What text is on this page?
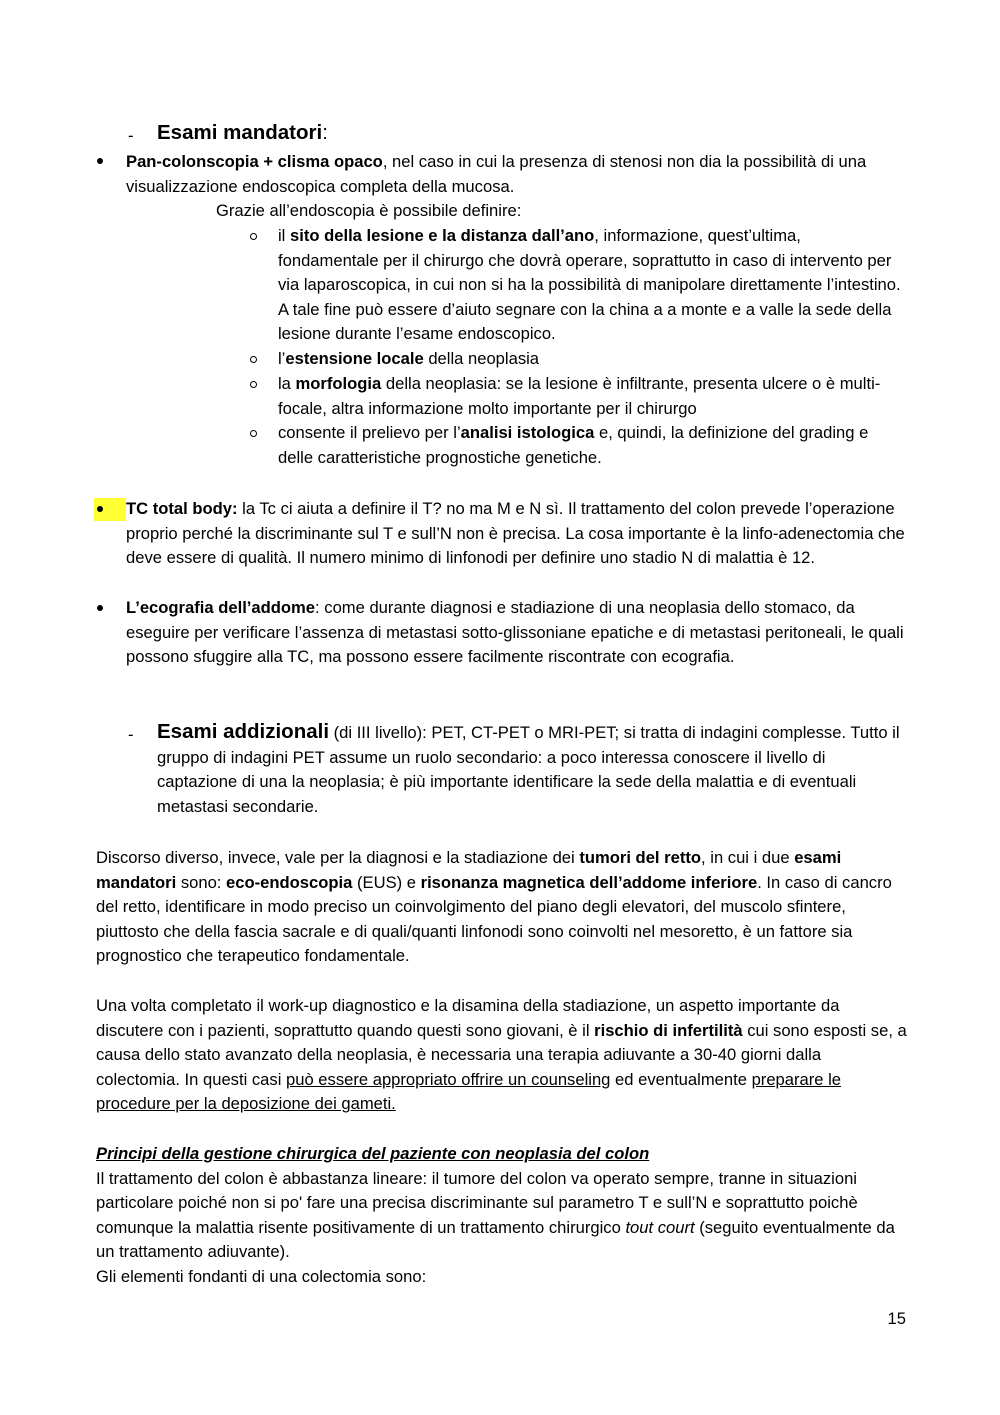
- Esami mandatori:

Pan-colonscopia + clisma opaco, nel caso in cui la presenza di stenosi non dia la possibilità di una visualizzazione endoscopica completa della mucosa.

Grazie all’endoscopia è possibile definire:

il sito della lesione e la distanza dall’ano, informazione, quest’ultima, fondamentale per il chirurgo che dovrà operare, soprattutto in caso di intervento per via laparoscopica, in cui non si ha la possibilità di manipolare direttamente l’intestino. A tale fine può essere d’aiuto segnare con la china a a monte e a valle la sede della lesione durante l’esame endoscopico.

l’estensione locale della neoplasia

la morfologia della neoplasia: se la lesione è infiltrante, presenta ulcere o è multi-focale, altra informazione molto importante per il chirurgo

consente il prelievo per l’analisi istologica e, quindi, la definizione del grading e delle caratteristiche prognostiche genetiche.

TC total body: la Tc ci aiuta a definire il T? no ma M e N sì. Il trattamento del colon prevede l’operazione proprio perché la discriminante sul T e sull’N non è precisa. La cosa importante è la linfo-adenectomia che deve essere di qualità. Il numero minimo di linfonodi per definire uno stadio N di malattia è 12.

L’ecografia dell’addome: come durante diagnosi e stadiazione di una neoplasia dello stomaco, da eseguire per verificare l’assenza di metastasi sotto-glissoniane epatiche e di metastasi peritoneali, le quali possono sfuggire alla TC, ma possono essere facilmente riscontrate con ecografia.

- Esami addizionali (di III livello): PET, CT-PET o MRI-PET; si tratta di indagini complesse. Tutto il gruppo di indagini PET assume un ruolo secondario: a poco interessa conoscere il livello di captazione di una la neoplasia; è più importante identificare la sede della malattia e di eventuali metastasi secondarie.

Discorso diverso, invece, vale per la diagnosi e la stadiazione dei tumori del retto, in cui i due esami mandatori sono: eco-endoscopia (EUS) e risonanza magnetica dell’addome inferiore. In caso di cancro del retto, identificare in modo preciso un coinvolgimento del piano degli elevatori, del muscolo sfintere, piuttosto che della fascia sacrale e di quali/quanti linfonodi sono coinvolti nel mesoretto, è un fattore sia prognostico che terapeutico fondamentale.

Una volta completato il work-up diagnostico e la disamina della stadiazione, un aspetto importante da discutere con i pazienti, soprattutto quando questi sono giovani, è il rischio di infertilità cui sono esposti se, a causa dello stato avanzato della neoplasia, è necessaria una terapia adiuvante a 30-40 giorni dalla colectomia. In questi casi può essere appropriato offrire un counseling ed eventualmente preparare le procedure per la deposizione dei gameti.

Principi della gestione chirurgica del paziente con neoplasia del colon
Il trattamento del colon è abbastanza lineare: il tumore del colon va operato sempre, tranne in situazioni particolare poiché non si po' fare una precisa discriminante sul parametro T e sull’N e soprattutto poichè comunque la malattia risente positivamente di un trattamento chirurgico tout court (seguito eventualmente da un trattamento adiuvante).
Gli elementi fondanti di una colectomia sono:

15
